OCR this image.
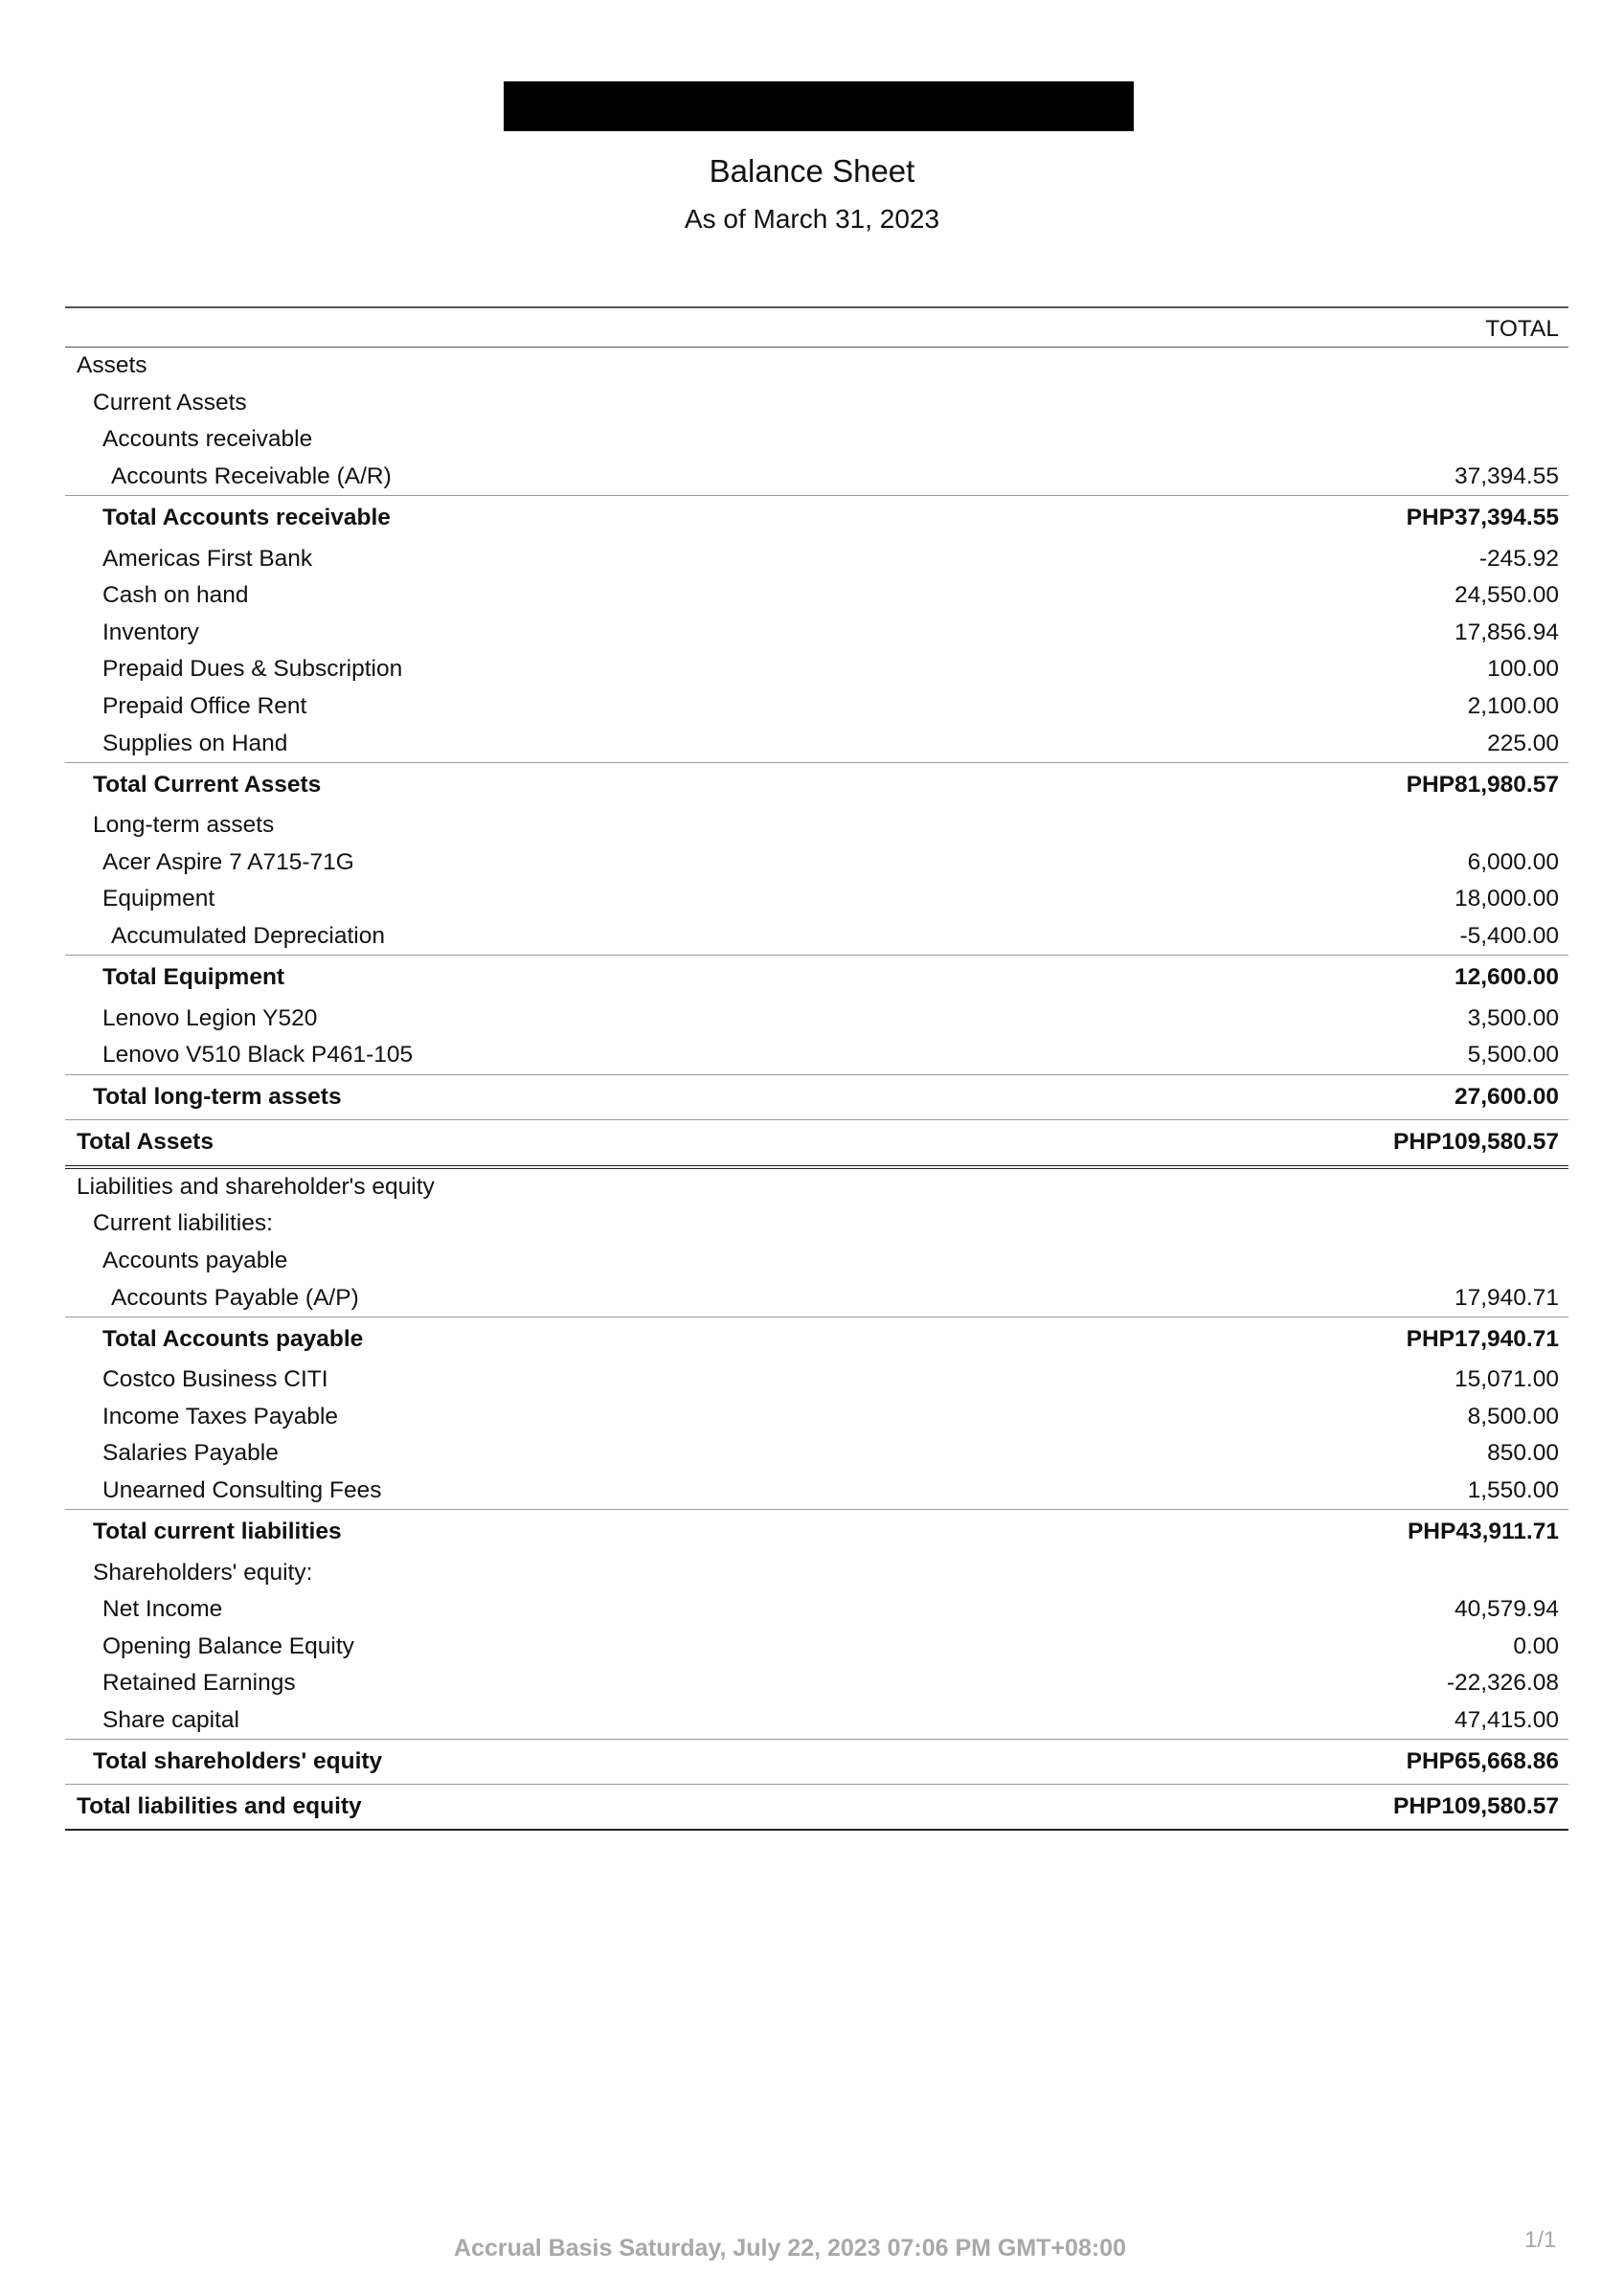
Balance Sheet
As of March 31, 2023
TOTAL
Assets
Current Assets
Accounts receivable
Accounts Receivable (A/R)	37,394.55
Total Accounts receivable	PHP37,394.55
Americas First Bank	-245.92
Cash on hand	24,550.00
Inventory	17,856.94
Prepaid Dues & Subscription	100.00
Prepaid Office Rent	2,100.00
Supplies on Hand	225.00
Total Current Assets	PHP81,980.57
Long-term assets
Acer Aspire 7 A715-71G	6,000.00
Equipment	18,000.00
Accumulated Depreciation	-5,400.00
Total Equipment	12,600.00
Lenovo Legion Y520	3,500.00
Lenovo V510 Black P461-105	5,500.00
Total long-term assets	27,600.00
Total Assets	PHP109,580.57
Liabilities and shareholder's equity
Current liabilities:
Accounts payable
Accounts Payable (A/P)	17,940.71
Total Accounts payable	PHP17,940.71
Costco Business CITI	15,071.00
Income Taxes Payable	8,500.00
Salaries Payable	850.00
Unearned Consulting Fees	1,550.00
Total current liabilities	PHP43,911.71
Shareholders' equity:
Net Income	40,579.94
Opening Balance Equity	0.00
Retained Earnings	-22,326.08
Share capital	47,415.00
Total shareholders' equity	PHP65,668.86
Total liabilities and equity	PHP109,580.57
Accrual Basis Saturday, July 22, 2023 07:06 PM GMT+08:00	1/1
